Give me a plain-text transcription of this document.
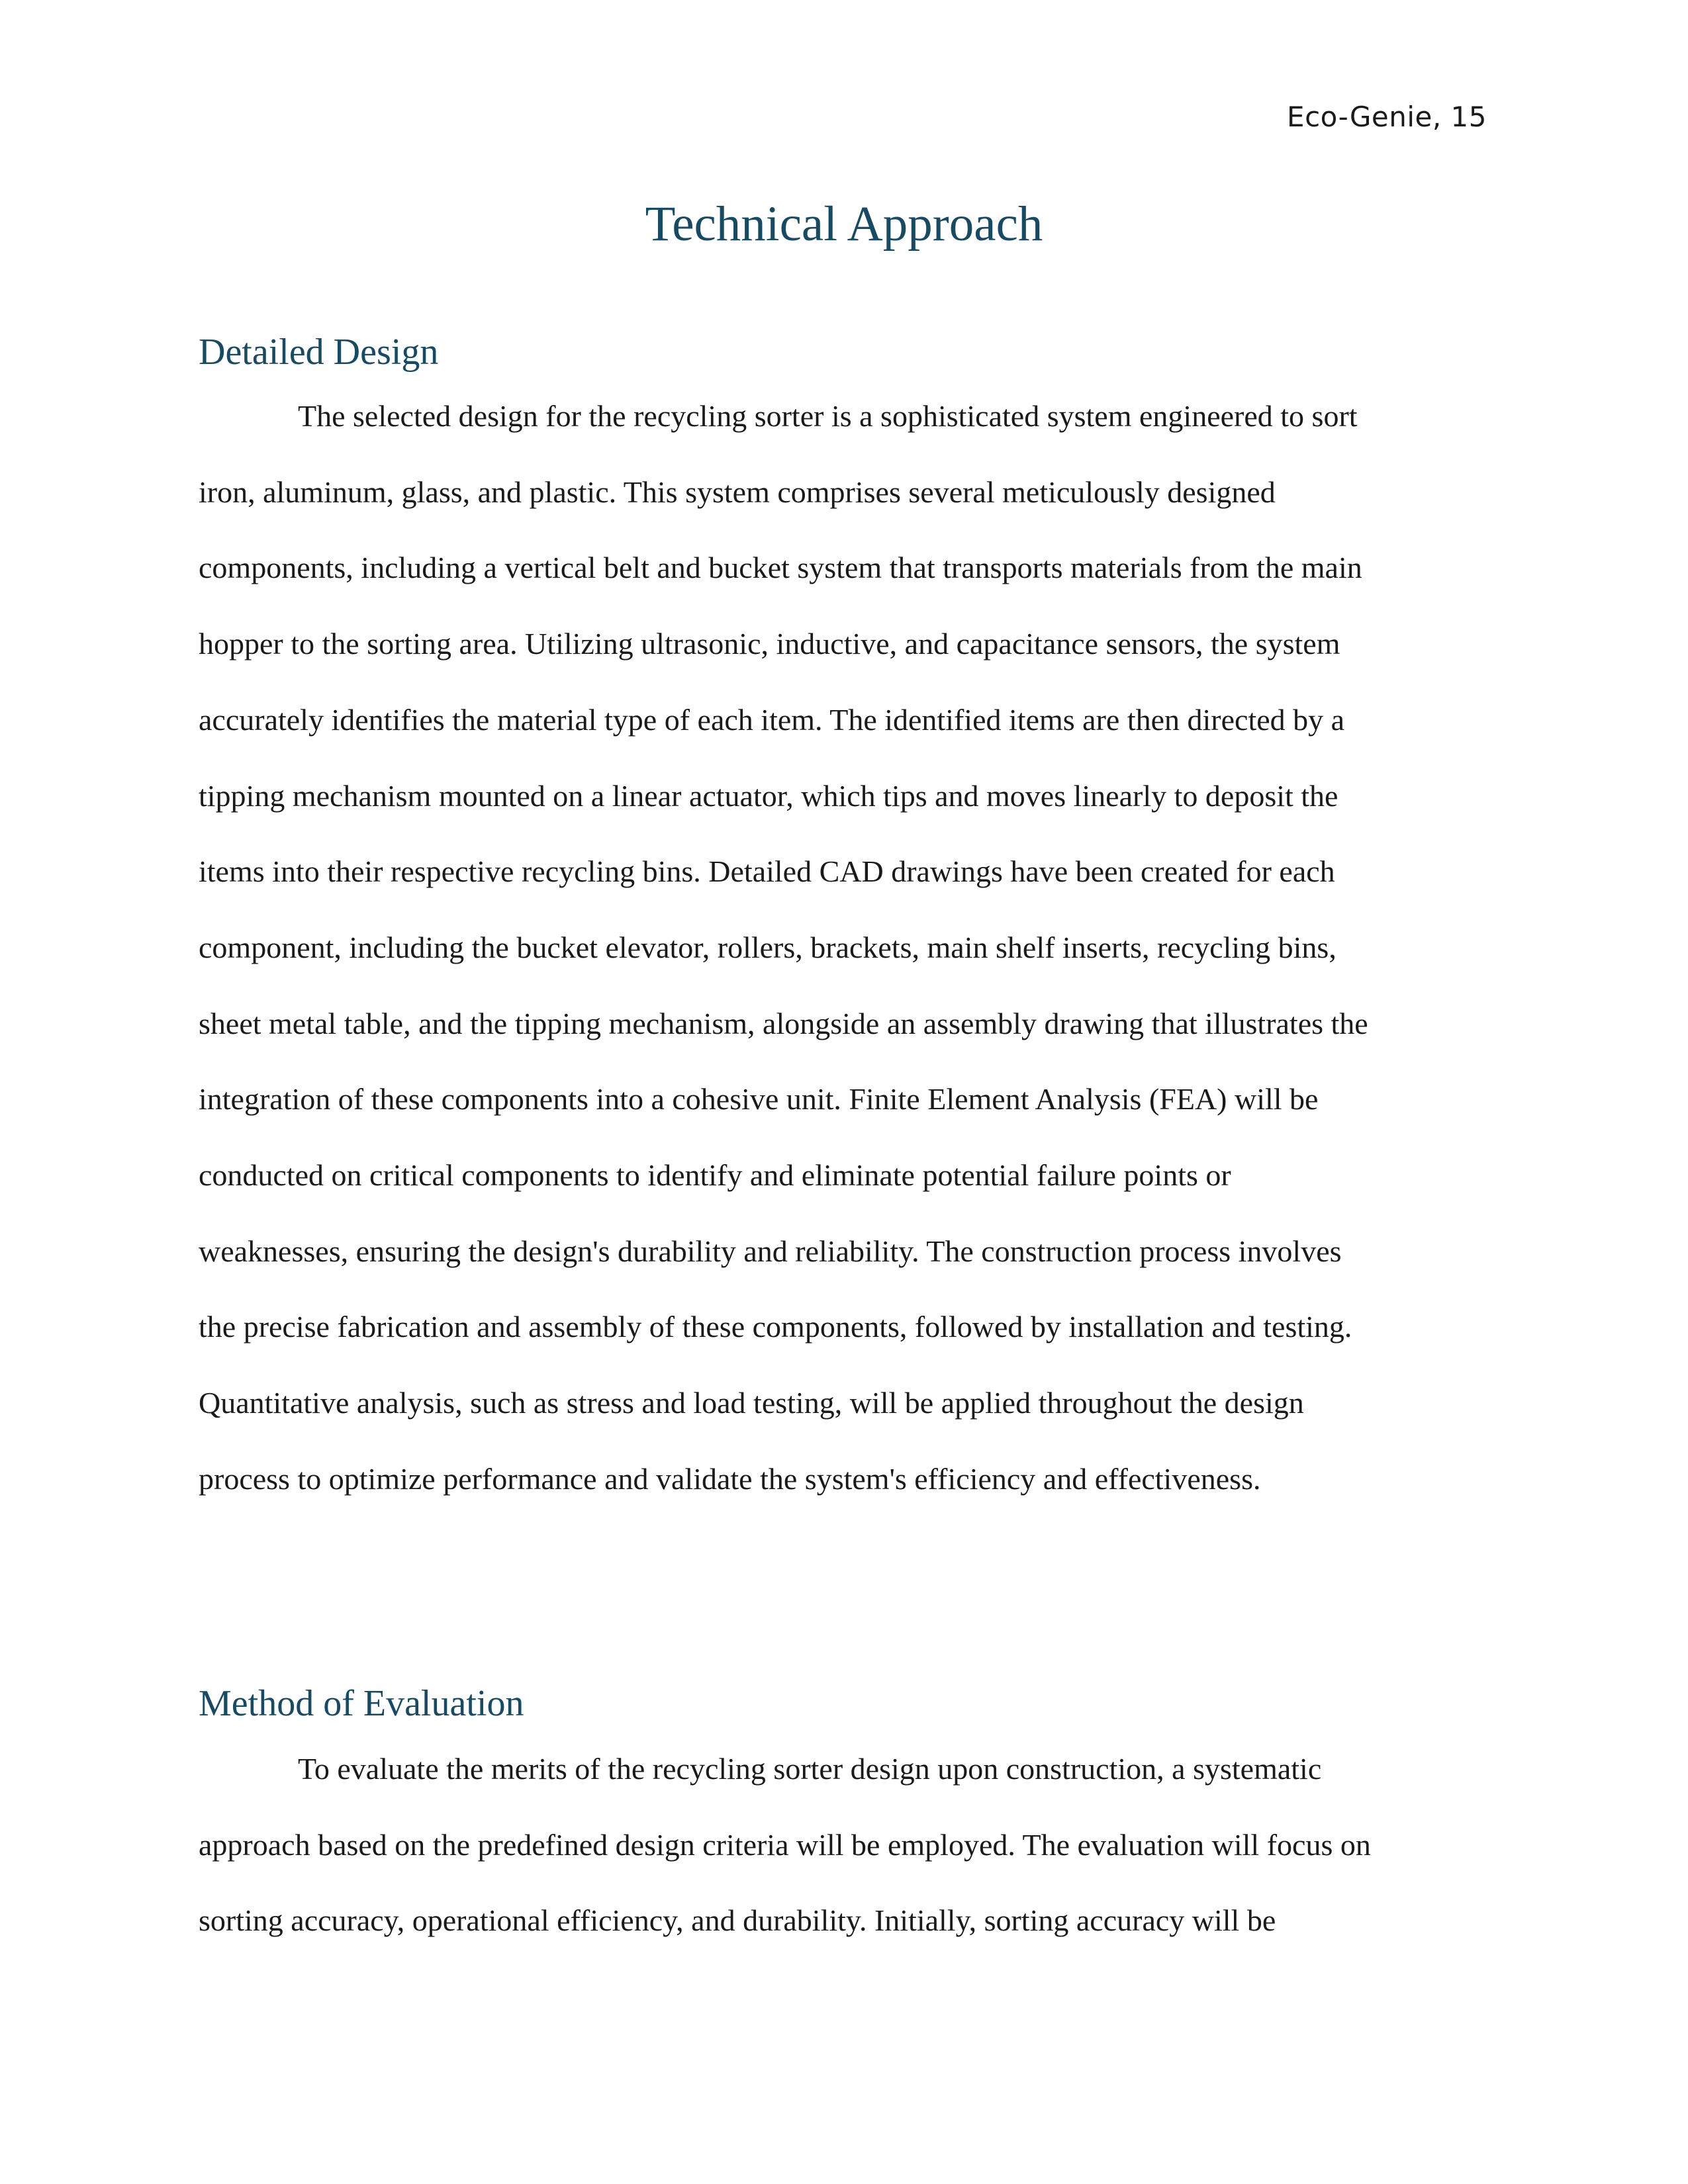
Eco-Genie, 15
Technical Approach
Detailed Design

The selected design for the recycling sorter is a sophisticated system engineered to sort
iron, aluminum, glass, and plastic. This system comprises several meticulously designed
components, including a vertical belt and bucket system that transports materials from the main
hopper to the sorting area. Utilizing ultrasonic, inductive, and capacitance sensors, the system
accurately identifies the material type of each item. The identified items are then directed by a
tipping mechanism mounted on a linear actuator, which tips and moves linearly to deposit the
items into their respective recycling bins. Detailed CAD drawings have been created for each
component, including the bucket elevator, rollers, brackets, main shelf inserts, recycling bins,
sheet metal table, and the tipping mechanism, alongside an assembly drawing that illustrates the
integration of these components into a cohesive unit. Finite Element Analysis (FEA) will be
conducted on critical components to identify and eliminate potential failure points or
weaknesses, ensuring the design's durability and reliability. The construction process involves
the precise fabrication and assembly of these components, followed by installation and testing.
Quantitative analysis, such as stress and load testing, will be applied throughout the design
process to optimize performance and validate the system's efficiency and effectiveness.

Method of Evaluation

To evaluate the merits of the recycling sorter design upon construction, a systematic
approach based on the predefined design criteria will be employed. The evaluation will focus on
sorting accuracy, operational efficiency, and durability. Initially, sorting accuracy will be
